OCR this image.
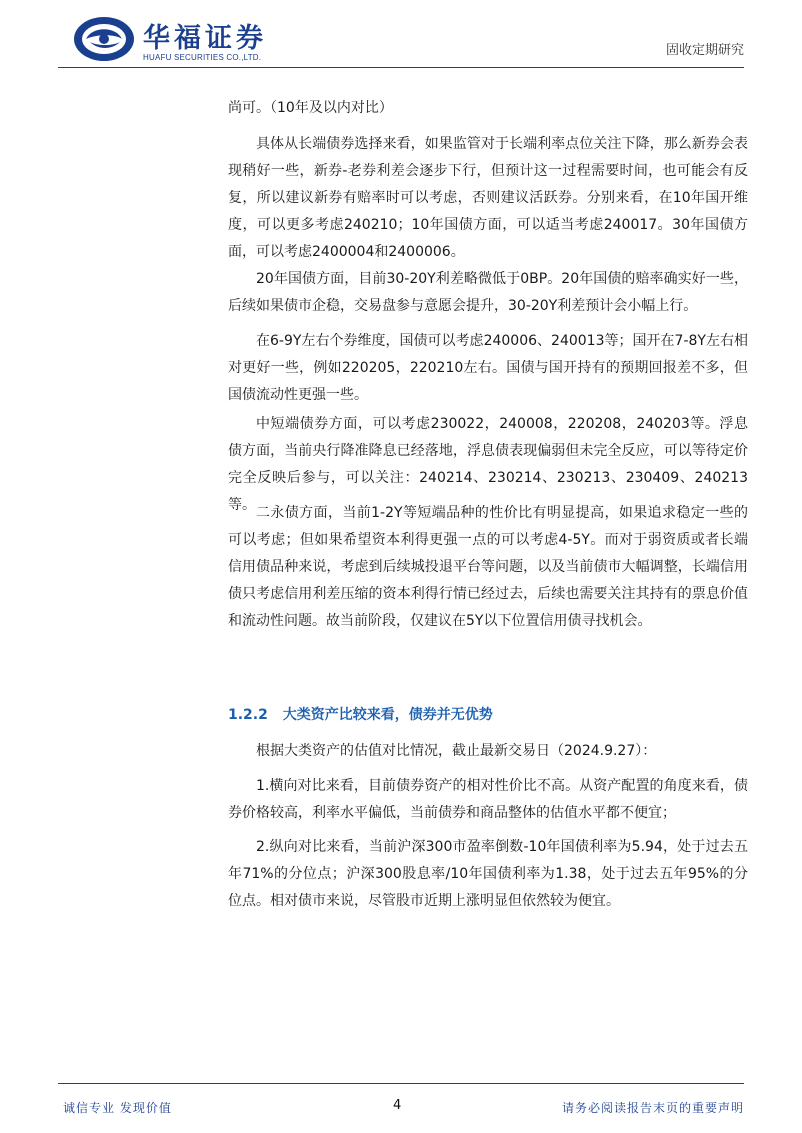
华福证券
HUAFU SECURITIES CO.,LTD.	固收定期研究

尚可。（10年及以内对比）

具体从长端债券选择来看，如果监管对于长端利率点位关注下降，那么新券会表现稍好一些，新券-老券利差会逐步下行，但预计这一过程需要时间，也可能会有反复，所以建议新券有赔率时可以考虑，否则建议活跃券。分别来看，在10年国开维度，可以更多考虑240210；10年国债方面，可以适当考虑240017。30年国债方面，可以考虑2400004和2400006。

20年国债方面，目前30-20Y利差略微低于0BP。20年国债的赔率确实好一些，后续如果债市企稳，交易盘参与意愿会提升，30-20Y利差预计会小幅上行。

在6-9Y左右个券维度，国债可以考虑240006、240013等；国开在7-8Y左右相对更好一些，例如220205，220210左右。国债与国开持有的预期回报差不多，但国债流动性更强一些。

中短端债券方面，可以考虑230022，240008，220208，240203等。浮息债方面，当前央行降准降息已经落地，浮息债表现偏弱但未完全反应，可以等待定价完全反映后参与，可以关注：240214、230214、230213、230409、240213等。 二永债方面，当前1-2Y等短端品种的性价比有明显提高，如果追求稳定一些的可以考虑；但如果希望资本利得更强一点的可以考虑4-5Y。而对于弱资质或者长端信用债品种来说，考虑到后续城投退平台等问题，以及当前债市大幅调整，长端信用债只考虑信用利差压缩的资本利得行情已经过去，后续也需要关注其持有的票息价值和流动性问题。故当前阶段，仅建议在5Y以下位置信用债寻找机会。

1.2.2 大类资产比较来看，债券并无优势

根据大类资产的估值对比情况，截止最新交易日（2024.9.27）：

1.横向对比来看，目前债券资产的相对性价比不高。从资产配置的角度来看，债券价格较高，利率水平偏低，当前债券和商品整体的估值水平都不便宜；

2.纵向对比来看，当前沪深300市盈率倒数-10年国债利率为5.94，处于过去五年71%的分位点；沪深300股息率/10年国债利率为1.38，处于过去五年95%的分位点。相对债市来说，尽管股市近期上涨明显但依然较为便宜。

诚信专业 发现价值	4	请务必阅读报告末页的重要声明
